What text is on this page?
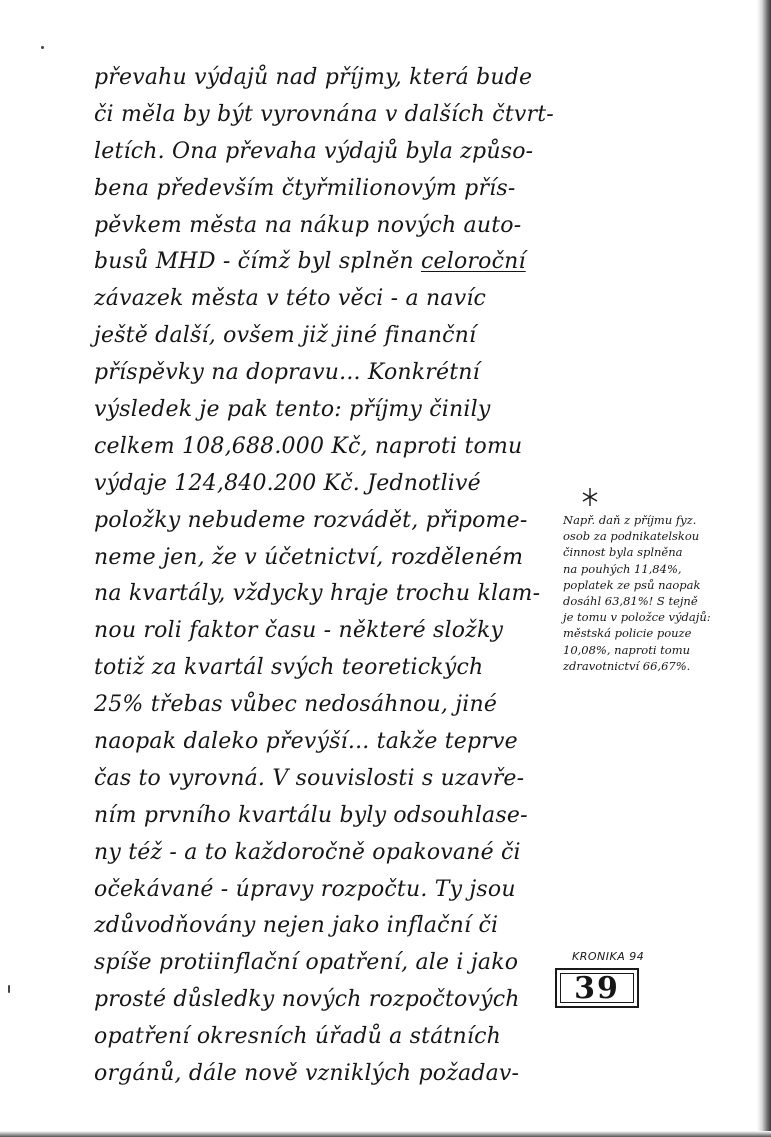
převahu výdajů nad příjmy, která bude
či měla by být vyrovnána v dalších čtvrt-
letích. Ona převaha výdajů byla způso-
bena především čtyřmilionovým přís-
pěvkem města na nákup nových auto-
busů MHD - čímž byl splněn celoroční
závazek města v této věci - a navíc
ještě další, ovšem již jiné finanční
příspěvky na dopravu... Konkrétní
výsledek je pak tento: příjmy činily
celkem 108,688.000 Kč, naproti tomu
výdaje 124,840.200 Kč. Jednotlivé
položky nebudeme rozvádět, připome-
neme jen, že v účetnictví, rozděleném
na kvartály, vždycky hraje trochu klam-
nou roli faktor času - některé složky
totiž za kvartál svých teoretických
25% třebas vůbec nedosáhnou, jiné
naopak daleko převýší... takže teprve
čas to vyrovná. V souvislosti s uzavře-
ním prvního kvartálu byly odsouhlase-
ny též - a to každoročně opakované či
očekávané - úpravy rozpočtu. Ty jsou
zdůvodňovány nejen jako inflační či
spíše protiinflační opatření, ale i jako
prosté důsledky nových rozpočtových
opatření okresních úřadů a státních
orgánů, dále nově vzniklých požadav-
Např. daň z příjmu fyz.
osob za podnikatelskou
činnost byla splněna
na pouhých 11,84%,
poplatek ze psů naopak
dosáhl 63,81%! S tejně
je tomu v položce výdajů:
městská policie pouze
10,08%, naproti tomu
zdravotnictví 66,67%.
KRONIKA 94
39
